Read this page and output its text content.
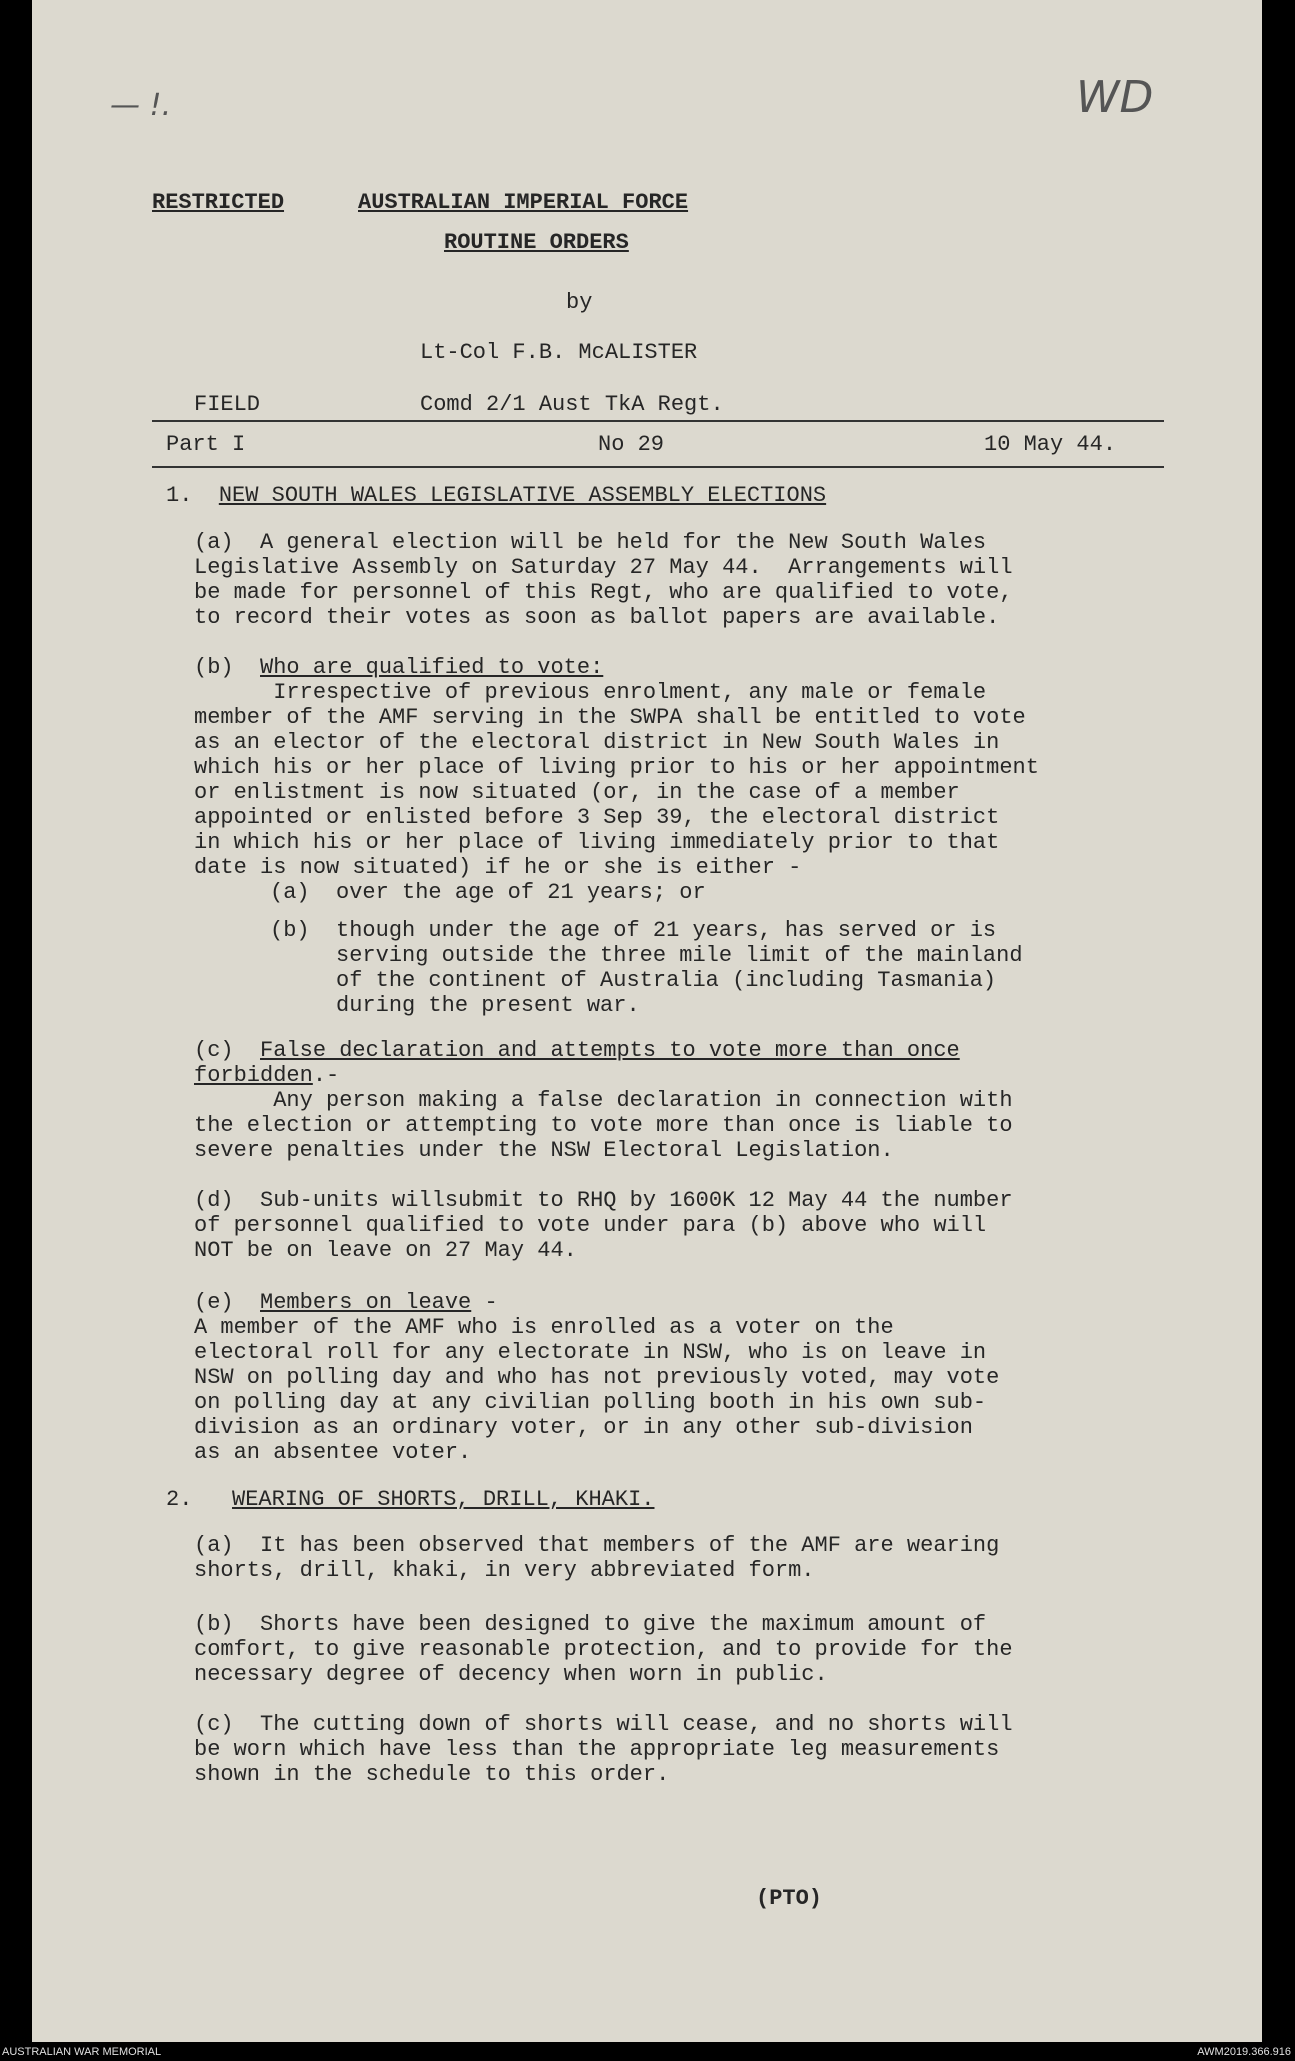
— !.	WD
RESTRICTED	AUSTRALIAN IMPERIAL FORCE
ROUTINE ORDERS
by
Lt-Col F.B. McALISTER
FIELD	Comd 2/1 Aust TkA Regt.
Part I	No 29	10 May 44.
1.  NEW SOUTH WALES LEGISLATIVE ASSEMBLY ELECTIONS
(a)  A general election will be held for the New South Wales
Legislative Assembly on Saturday 27 May 44.  Arrangements will
be made for personnel of this Regt, who are qualified to vote,
to record their votes as soon as ballot papers are available.
(b)  Who are qualified to vote:
Irrespective of previous enrolment, any male or female
member of the AMF serving in the SWPA shall be entitled to vote
as an elector of the electoral district in New South Wales in
which his or her place of living prior to his or her appointment
or enlistment is now situated (or, in the case of a member
appointed or enlisted before 3 Sep 39, the electoral district
in which his or her place of living immediately prior to that
date is now situated) if he or she is either -
(a)  over the age of 21 years; or
(b)  though under the age of 21 years, has served or is
serving outside the three mile limit of the mainland
of the continent of Australia (including Tasmania)
during the present war.
(c)  False declaration and attempts to vote more than once
forbidden.-
Any person making a false declaration in connection with
the election or attempting to vote more than once is liable to
severe penalties under the NSW Electoral Legislation.
(d)  Sub-units willsubmit to RHQ by 1600K 12 May 44 the number
of personnel qualified to vote under para (b) above who will
NOT be on leave on 27 May 44.
(e)  Members on leave -
A member of the AMF who is enrolled as a voter on the
electoral roll for any electorate in NSW, who is on leave in
NSW on polling day and who has not previously voted, may vote
on polling day at any civilian polling booth in his own sub-
division as an ordinary voter, or in any other sub-division
as an absentee voter.
2.   WEARING OF SHORTS, DRILL, KHAKI.
(a)  It has been observed that members of the AMF are wearing
shorts, drill, khaki, in very abbreviated form.
(b)  Shorts have been designed to give the maximum amount of
comfort, to give reasonable protection, and to provide for the
necessary degree of decency when worn in public.
(c)  The cutting down of shorts will cease, and no shorts will
be worn which have less than the appropriate leg measurements
shown in the schedule to this order.
(PTO)
AUSTRALIAN WAR MEMORIAL	AWM2019.366.916
